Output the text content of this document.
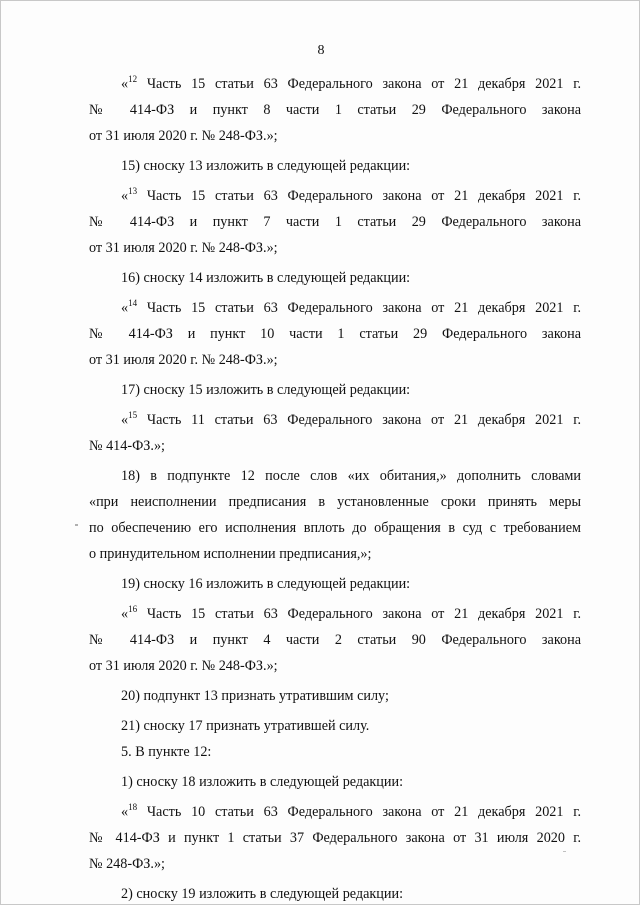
8
«$^{12}$ Часть 15 статьи 63 Федерального закона от 21 декабря 2021 г.
№ 414-ФЗ и пункт 8 части 1 статьи 29 Федерального закона
от 31 июля 2020 г. № 248-ФЗ.»;
15) сноску 13 изложить в следующей редакции:
«$^{13}$ Часть 15 статьи 63 Федерального закона от 21 декабря 2021 г.
№ 414-ФЗ и пункт 7 части 1 статьи 29 Федерального закона
от 31 июля 2020 г. № 248-ФЗ.»;
16) сноску 14 изложить в следующей редакции:
«$^{14}$ Часть 15 статьи 63 Федерального закона от 21 декабря 2021 г.
№ 414-ФЗ и пункт 10 части 1 статьи 29 Федерального закона
от 31 июля 2020 г. № 248-ФЗ.»;
17) сноску 15 изложить в следующей редакции:
«$^{15}$ Часть 11 статьи 63 Федерального закона от 21 декабря 2021 г.
№ 414-ФЗ.»;
18) в подпункте 12 после слов «их обитания,» дополнить словами
«при неисполнении предписания в установленные сроки принять меры
по обеспечению его исполнения вплоть до обращения в суд с требованием
о принудительном исполнении предписания,»;
19) сноску 16 изложить в следующей редакции:
«$^{16}$ Часть 15 статьи 63 Федерального закона от 21 декабря 2021 г.
№ 414-ФЗ и пункт 4 части 2 статьи 90 Федерального закона
от 31 июля 2020 г. № 248-ФЗ.»;
20) подпункт 13 признать утратившим силу;
21) сноску 17 признать утратившей силу.
5. В пункте 12:
1) сноску 18 изложить в следующей редакции:
«$^{18}$ Часть 10 статьи 63 Федерального закона от 21 декабря 2021 г.
№ 414-ФЗ и пункт 1 статьи 37 Федерального закона от 31 июля 2020 г.
№ 248-ФЗ.»;
2) сноску 19 изложить в следующей редакции:
